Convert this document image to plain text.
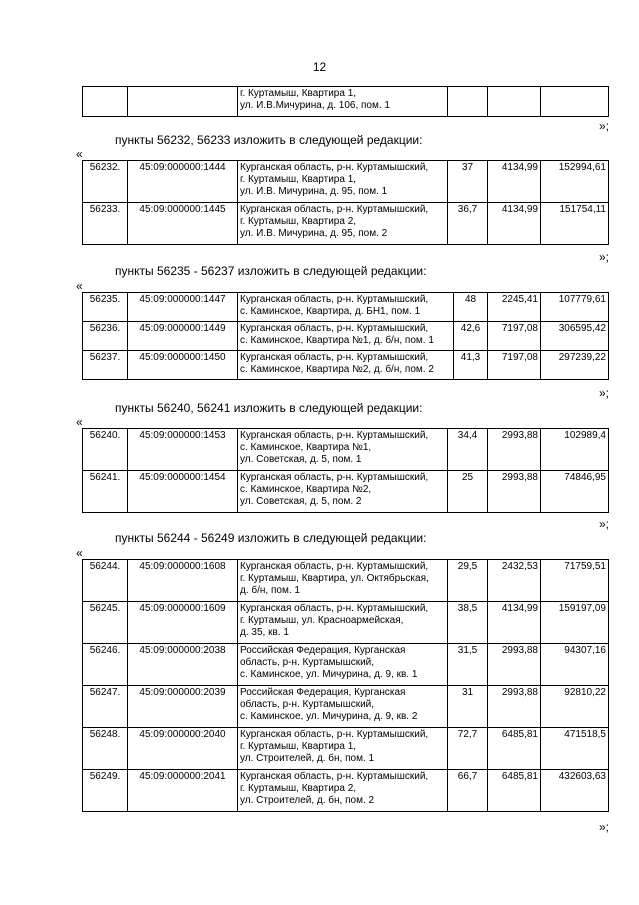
12
		г. Куртамыш, Квартира 1,
ул. И.В.Мичурина, д. 106, пом. 1			
»;
пункты 56232, 56233 изложить в следующей редакции:
«
56232.	45:09:000000:1444	Курганская область, р-н. Куртамышский,
г. Куртамыш, Квартира 1,
ул. И.В. Мичурина, д. 95, пом. 1	37	4134,99	152994,61
56233.	45:09:000000:1445	Курганская область, р-н. Куртамышский,
г. Куртамыш, Квартира 2,
ул. И.В. Мичурина, д. 95, пом. 2	36,7	4134,99	151754,11
»;
пункты 56235 - 56237 изложить в следующей редакции:
«
56235.	45:09:000000:1447	Курганская область, р-н. Куртамышский,
с. Каминское, Квартира, д. БН1, пом. 1	48	2245,41	107779,61
56236.	45:09:000000:1449	Курганская область, р-н. Куртамышский,
с. Каминское, Квартира №1, д. б/н, пом. 1	42,6	7197,08	306595,42
56237.	45:09:000000:1450	Курганская область, р-н. Куртамышский,
с. Каминское, Квартира №2, д. б/н, пом. 2	41,3	7197,08	297239,22
»;
пункты 56240, 56241 изложить в следующей редакции:
«
56240.	45:09:000000:1453	Курганская область, р-н. Куртамышский,
с. Каминское, Квартира №1,
ул. Советская, д. 5, пом. 1	34,4	2993,88	102989,4
56241.	45:09:000000:1454	Курганская область, р-н. Куртамышский,
с. Каминское, Квартира №2,
ул. Советская, д. 5, пом. 2	25	2993,88	74846,95
»;
пункты 56244 - 56249 изложить в следующей редакции:
«
56244.	45:09:000000:1608	Курганская область, р-н. Куртамышский,
г. Куртамыш, Квартира, ул. Октябрьская,
д. б/н, пом. 1	29,5	2432,53	71759,51
56245.	45:09:000000:1609	Курганская область, р-н. Куртамышский,
г. Куртамыш, ул. Красноармейская,
д. 35, кв. 1	38,5	4134,99	159197,09
56246.	45:09:000000:2038	Российская Федерация, Курганская
область, р-н. Куртамышский,
с. Каминское, ул. Мичурина, д. 9, кв. 1	31,5	2993,88	94307,16
56247.	45:09:000000:2039	Российская Федерация, Курганская
область, р-н. Куртамышский,
с. Каминское, ул. Мичурина, д. 9, кв. 2	31	2993,88	92810,22
56248.	45:09:000000:2040	Курганская область, р-н. Куртамышский,
г. Куртамыш, Квартира 1,
ул. Строителей, д. бн, пом. 1	72,7	6485,81	471518,5
56249.	45:09:000000:2041	Курганская область, р-н. Куртамышский,
г. Куртамыш, Квартира 2,
ул. Строителей, д. бн, пом. 2	66,7	6485,81	432603,63
»;
